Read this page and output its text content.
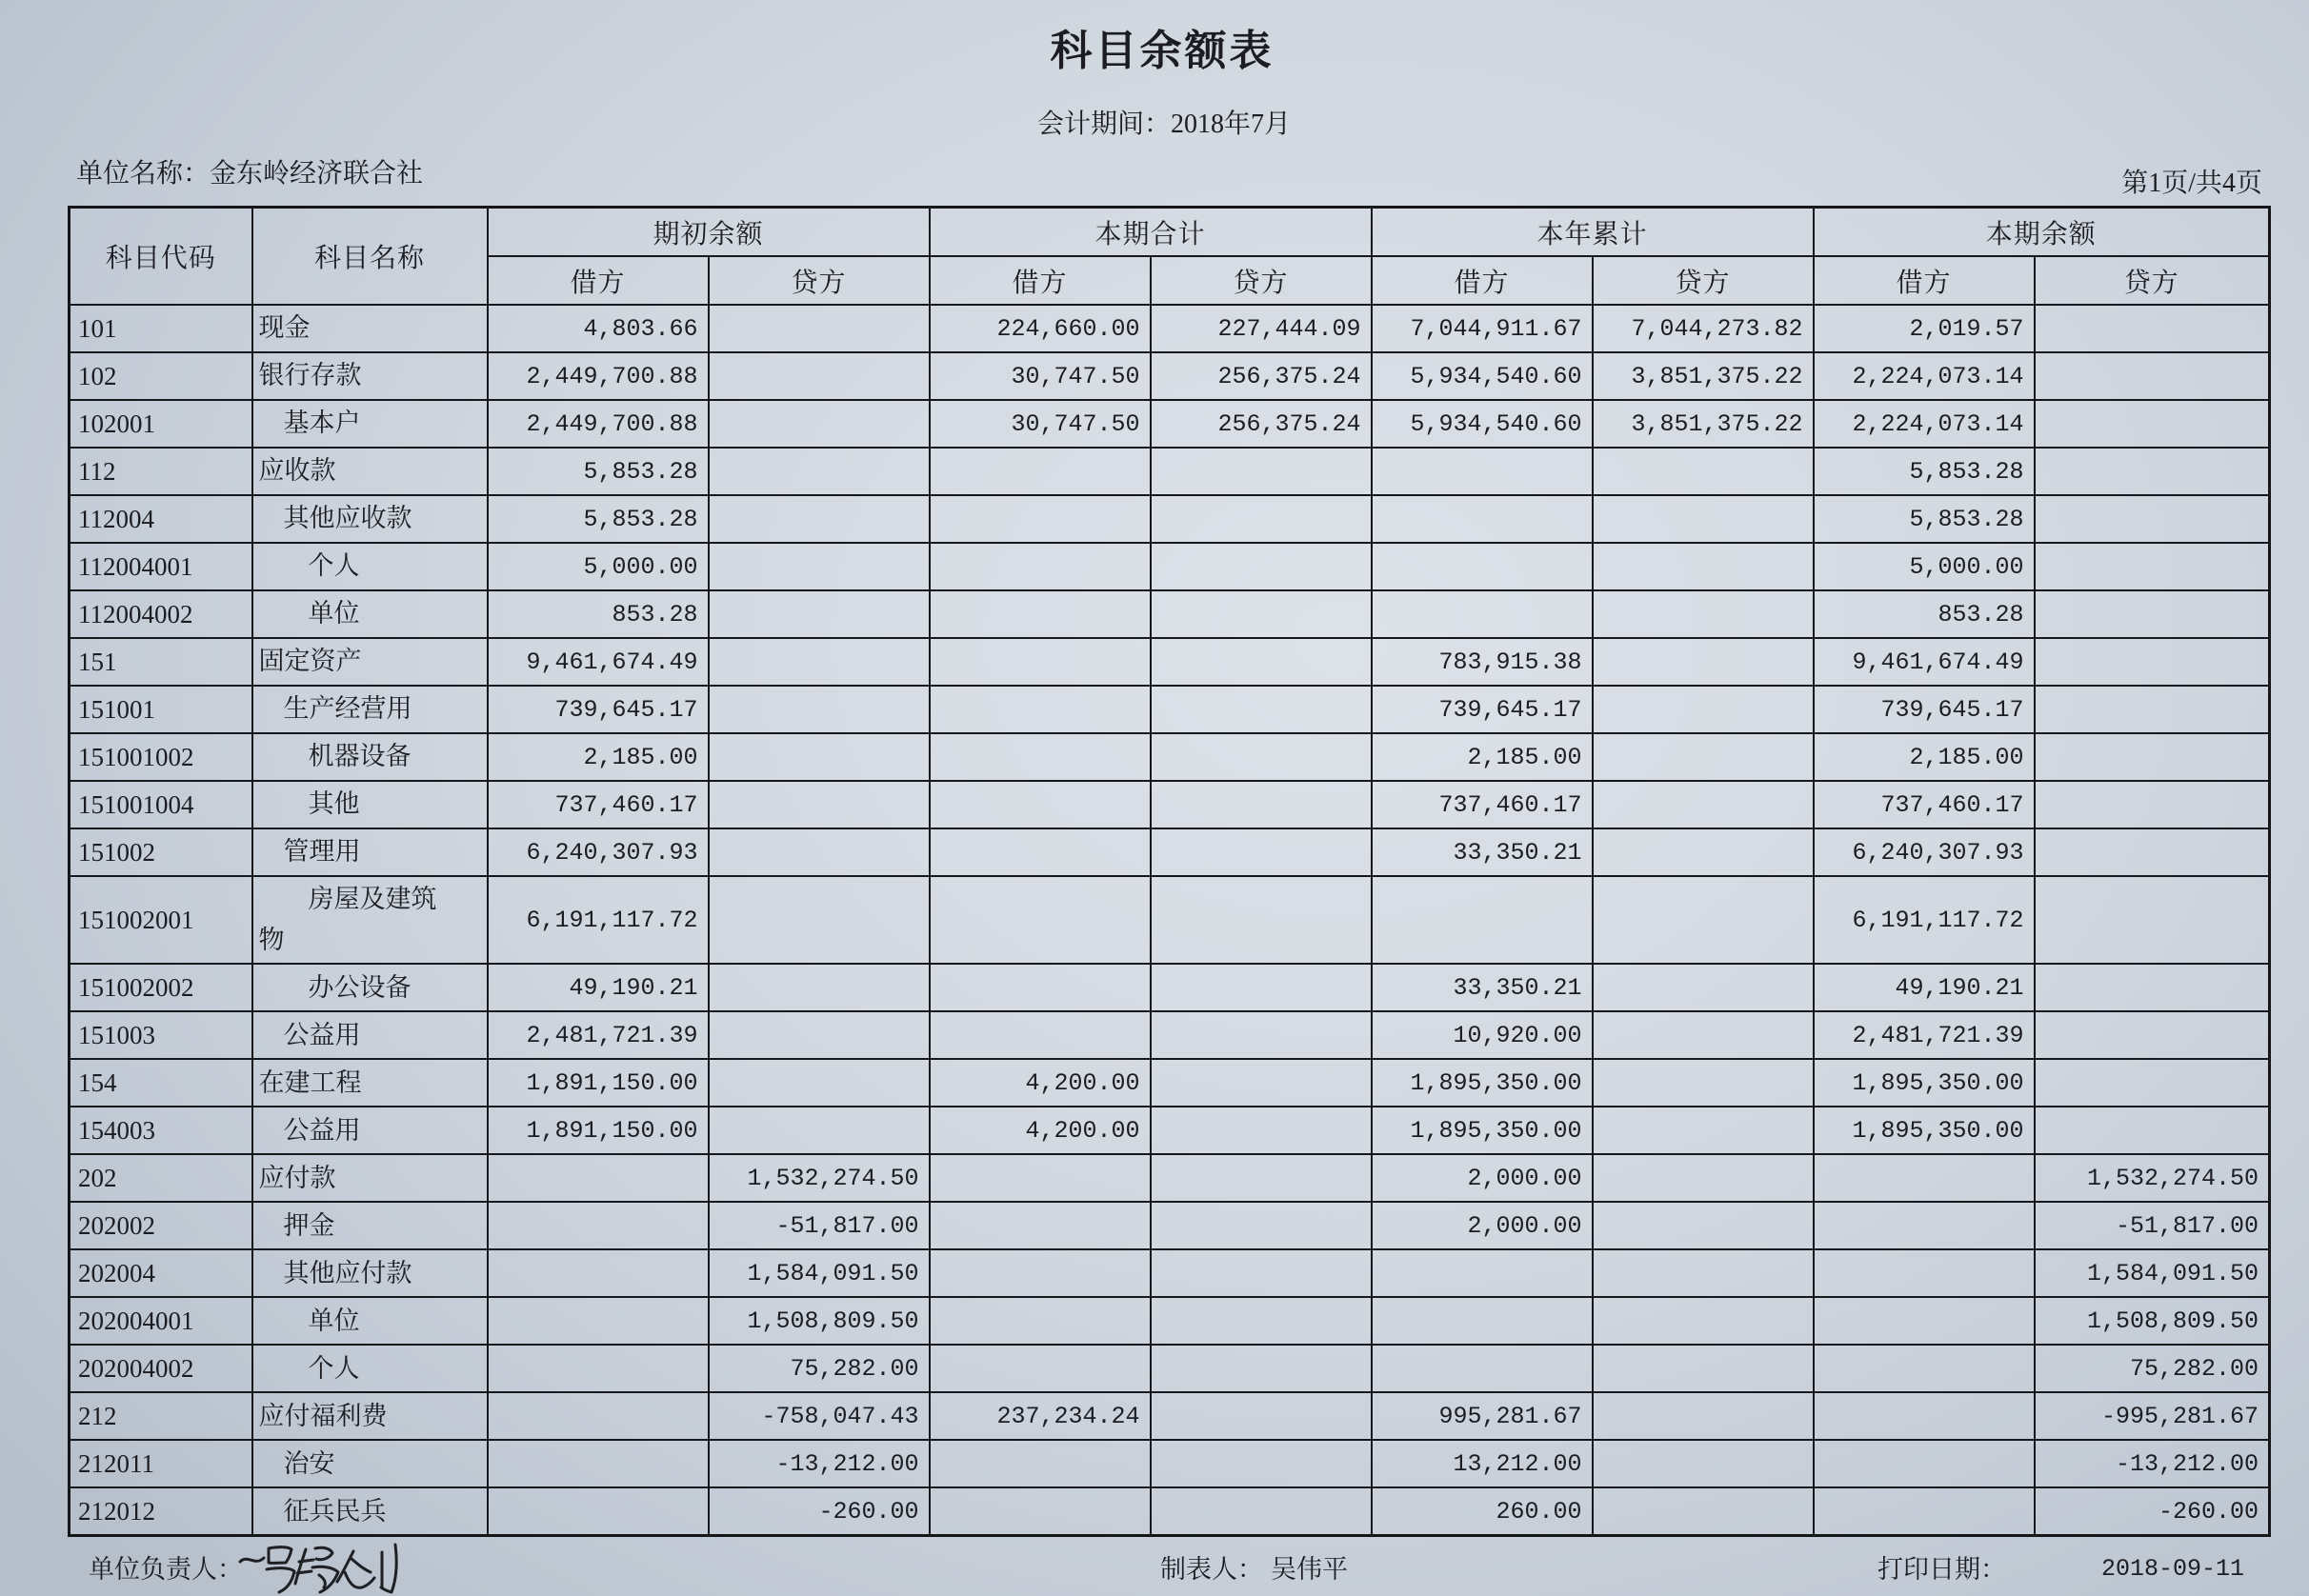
科目余额表
会计期间：2018年7月
单位名称：金东岭经济联合社	第1页/共4页
科目代码	科目名称	期初余额		本期合计		本年累计		本期余额	
		借方	贷方	借方	贷方	借方	贷方	借方	贷方
101	现金	4,803.66		224,660.00	227,444.09	7,044,911.67	7,044,273.82	2,019.57	
102	银行存款	2,449,700.88		30,747.50	256,375.24	5,934,540.60	3,851,375.22	2,224,073.14	
102001	基本户	2,449,700.88		30,747.50	256,375.24	5,934,540.60	3,851,375.22	2,224,073.14	
112	应收款	5,853.28						5,853.28	
112004	其他应收款	5,853.28						5,853.28	
112004001	个人	5,000.00						5,000.00	
112004002	单位	853.28						853.28	
151	固定资产	9,461,674.49				783,915.38		9,461,674.49	
151001	生产经营用	739,645.17				739,645.17		739,645.17	
151001002	机器设备	2,185.00				2,185.00		2,185.00	
151001004	其他	737,460.17				737,460.17		737,460.17	
151002	管理用	6,240,307.93				33,350.21		6,240,307.93	
151002001	房屋及建筑物	6,191,117.72						6,191,117.72	
151002002	办公设备	49,190.21				33,350.21		49,190.21	
151003	公益用	2,481,721.39				10,920.00		2,481,721.39	
154	在建工程	1,891,150.00		4,200.00		1,895,350.00		1,895,350.00	
154003	公益用	1,891,150.00		4,200.00		1,895,350.00		1,895,350.00	
202	应付款		1,532,274.50			2,000.00			1,532,274.50
202002	押金		-51,817.00			2,000.00			-51,817.00
202004	其他应付款		1,584,091.50						1,584,091.50
202004001	单位		1,508,809.50						1,508,809.50
202004002	个人		75,282.00						75,282.00
212	应付福利费		-758,047.43	237,234.24		995,281.67			-995,281.67
212011	治安		-13,212.00			13,212.00			-13,212.00
212012	征兵民兵		-260.00			260.00			-260.00
单位负责人：	制表人： 吴伟平	打印日期：	2018-09-11
